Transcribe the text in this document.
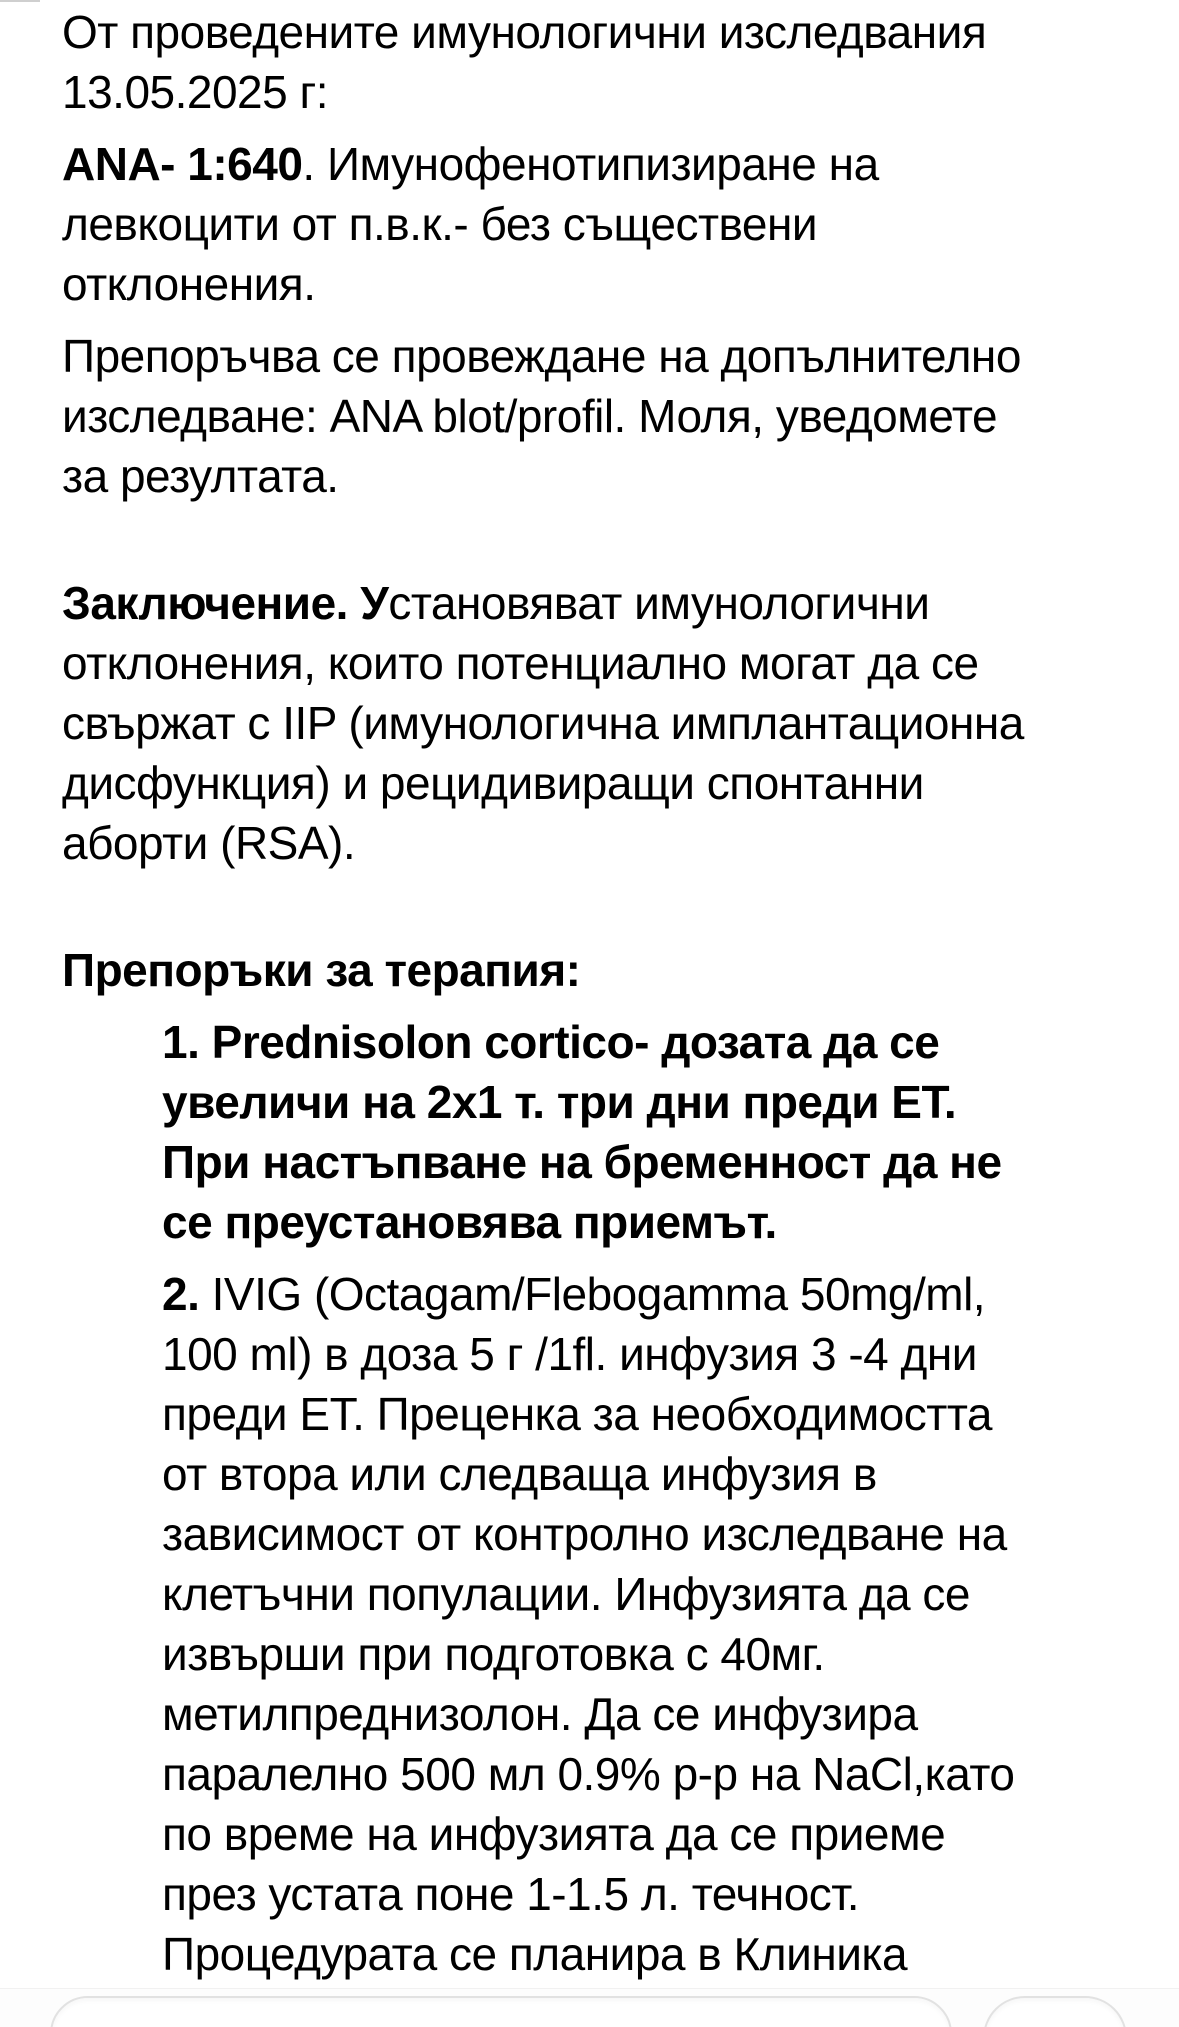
От проведените имунологични изследвания
13.05.2025 г:
ANA- 1:640. Имунофенотипизиране на
левкоцити от п.в.к.- без съществени
отклонения.
Препоръчва се провеждане на допълнително
изследване: ANA blot/profil. Моля, уведомете
за резултата.
Заключение. Установяват имунологични
отклонения, които потенциално могат да се
свържат с IIP (имунологична имплантационна
дисфункция) и рецидивиращи спонтанни
аборти (RSA).
Препоръки за терапия:
1. Prednisolon cortico- дозата да се
увеличи на 2x1 т. три дни преди ЕТ.
При настъпване на бременност да не
се преустановява приемът.
2. IVIG (Octagam/Flebogamma 50mg/ml,
100 ml) в доза 5 г /1fl. инфузия 3 -4 дни
преди ЕТ. Преценка за необходимостта
от втора или следваща инфузия в
зависимост от контролно изследване на
клетъчни популации. Инфузията да се
извърши при подготовка с 40мг.
метилпреднизолон. Да се инфузира
паралелно 500 мл 0.9% р-р на NaCl,като
по време на инфузията да се приеме
през устата поне 1-1.5 л. течност.
Процедурата се планира в Клиника
